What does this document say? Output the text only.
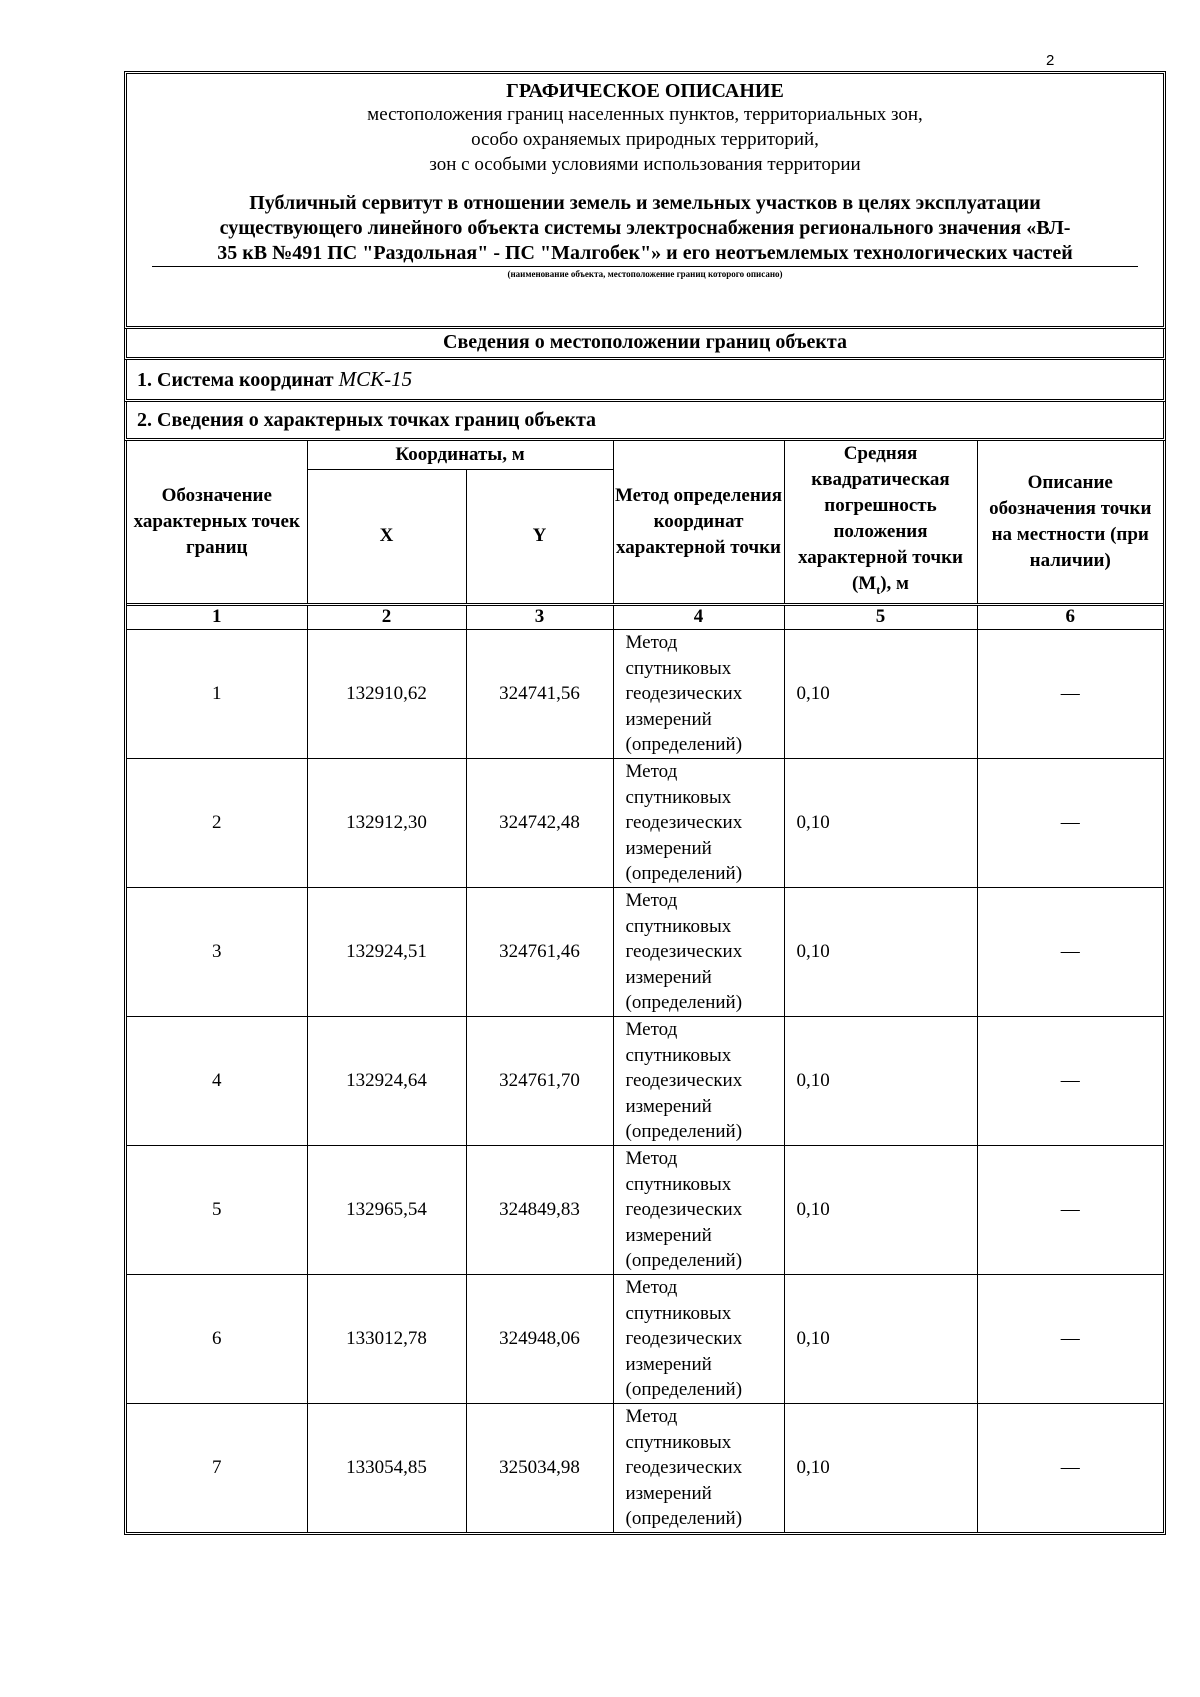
2
ГРАФИЧЕСКОЕ ОПИСАНИЕ
местоположения границ населенных пунктов, территориальных зон,
особо охраняемых природных территорий,
зон с особыми условиями использования территории
Публичный сервитут в отношении земель и земельных участков в целях эксплуатации
существующего линейного объекта системы электроснабжения регионального значения «ВЛ-
35 кВ №491 ПС "Раздольная" - ПС "Малгобек"» и его неотъемлемых технологических частей
(наименование объекта, местоположение границ которого описано)
Сведения о местоположении границ объекта
1. Система координат МСК-15
2. Сведения о характерных точках границ объекта
Обозначение характерных точек границ	Координаты, м		Метод определения координат характерной точки	Средняя квадратическая погрешность положения характерной точки $(M_t)$, м	Описание обозначения точки на местности (при наличии)
	X	Y			
1	2	3	4	5	6
1	132910,62	324741,56	Метод спутниковых геодезических измерений (определений)	0,10	—
2	132912,30	324742,48	Метод спутниковых геодезических измерений (определений)	0,10	—
3	132924,51	324761,46	Метод спутниковых геодезических измерений (определений)	0,10	—
4	132924,64	324761,70	Метод спутниковых геодезических измерений (определений)	0,10	—
5	132965,54	324849,83	Метод спутниковых геодезических измерений (определений)	0,10	—
6	133012,78	324948,06	Метод спутниковых геодезических измерений (определений)	0,10	—
7	133054,85	325034,98	Метод спутниковых геодезических измерений (определений)	0,10	—
